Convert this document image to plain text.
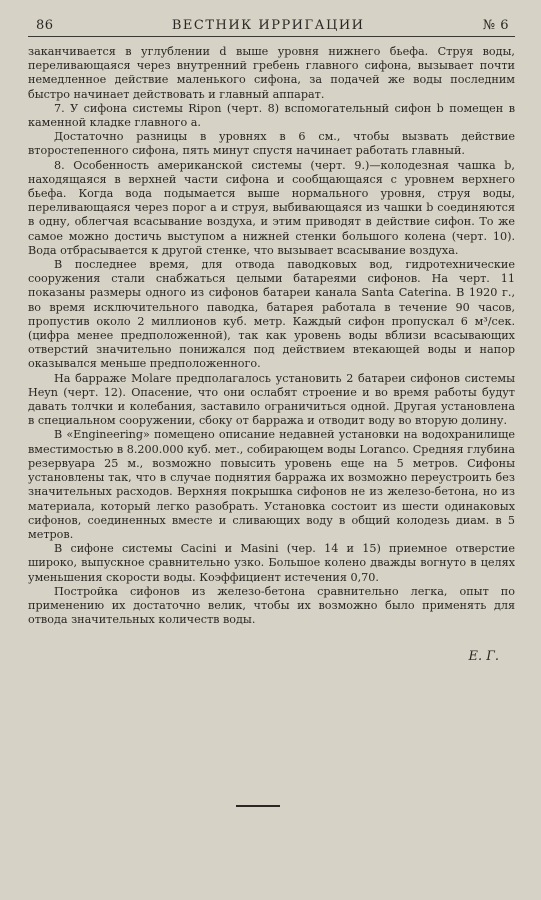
86	ВЕСТНИК ИРРИГАЦИИ	№ 6

заканчивается в углублении d выше уровня нижнего бьефа. Струя воды, переливающаяся через внутренний гребень главного сифона, вызывает почти немедленное действие маленького сифона, за подачей же воды последним быстро начинает действовать и главный аппарат.

7. У сифона системы Ripon (черт. 8) вспомогательный сифон b помещен в каменной кладке главного a.

Достаточно разницы в уровнях в 6 см., чтобы вызвать действие второстепенного сифона, пять минут спустя начинает работать главный.

8. Особенность американской системы (черт. 9.)—колодезная чашка b, находящаяся в верхней части сифона и сообщающаяся с уровнем верхнего бьефа. Когда вода подымается выше нормального уровня, струя воды, переливающаяся через порог a и струя, выбивающаяся из чашки b соединяются в одну, облегчая всасывание воздуха, и этим приводят в действие сифон. То же самое можно достичь выступом a нижней стенки большого колена (черт. 10). Вода отбрасывается к другой стенке, что вызывает всасывание воздуха.

В последнее время, для отвода паводковых вод, гидротехнические сооружения стали снабжаться целыми батареями сифонов. На черт. 11 показаны размеры одного из сифонов батареи канала Santa Caterina. В 1920 г., во время исключительного паводка, батарея работала в течение 90 часов, пропустив около 2 миллионов куб. метр. Каждый сифон пропускал 6 м³/сек. (цифра менее предположенной), так как уровень воды вблизи всасывающих отверстий значительно понижался под действием втекающей воды и напор оказывался меньше предположенного.

На барраже Molare предполагалось установить 2 батареи сифонов системы Heyn (черт. 12). Опасение, что они ослабят строение и во время работы будут давать толчки и колебания, заставило ограничиться одной. Другая установлена в специальном сооружении, сбоку от барража и отводит воду во вторую долину.

В «Engineering» помещено описание недавней установки на водохранилище вместимостью в 8.200.000 куб. мет., собирающем воды Loranco. Средняя глубина резервуара 25 м., возможно повысить уровень еще на 5 метров. Сифоны установлены так, что в случае поднятия барража их возможно переустроить без значительных расходов. Верхняя покрышка сифонов не из железо-бетона, но из материала, который легко разобрать. Установка состоит из шести одинаковых сифонов, соединенных вместе и сливающих воду в общий колодезь диам. в 5 метров.

В сифоне системы Cacini и Masini (чер. 14 и 15) приемное отверстие широко, выпускное сравнительно узко. Большое колено дважды вогнуто в целях уменьшения скорости воды. Коэффициент истечения 0,70.

Постройка сифонов из железо-бетона сравнительно легка, опыт по применению их достаточно велик, чтобы их возможно было применять для отвода значительных количеств воды.

Е. Г.
